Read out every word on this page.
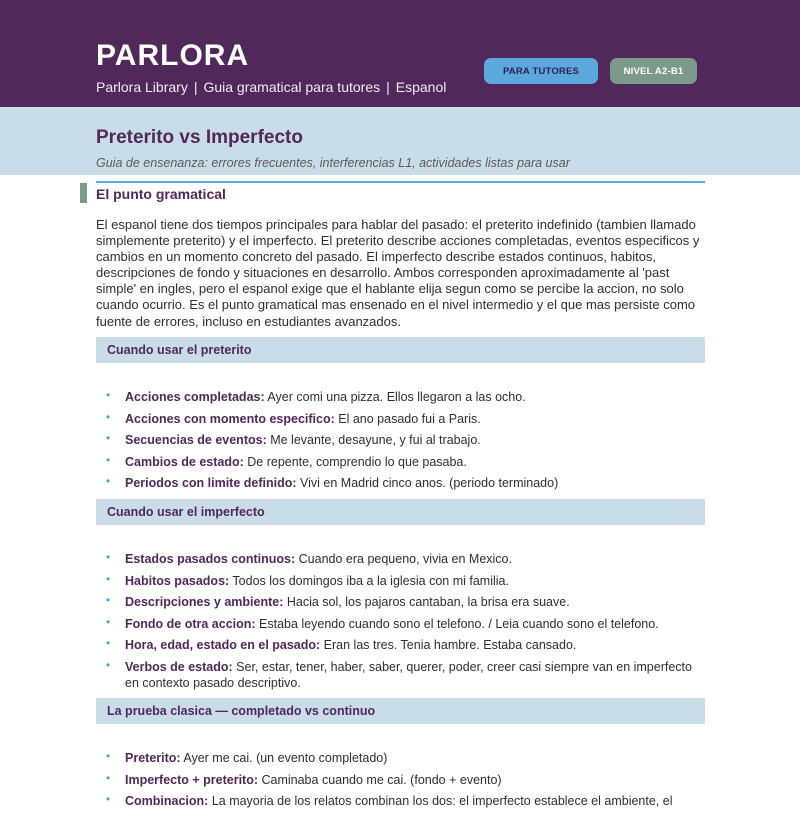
PARLORA
Parlora Library | Guia gramatical para tutores | Espanol
PARA TUTORES	NIVEL A2-B1
Preterito vs Imperfecto
Guia de ensenanza: errores frecuentes, interferencias L1, actividades listas para usar
El punto gramatical

El espanol tiene dos tiempos principales para hablar del pasado: el preterito indefinido (tambien llamado simplemente preterito) y el imperfecto. El preterito describe acciones completadas, eventos especificos y cambios en un momento concreto del pasado. El imperfecto describe estados continuos, habitos, descripciones de fondo y situaciones en desarrollo. Ambos corresponden aproximadamente al 'past simple' en ingles, pero el espanol exige que el hablante elija segun como se percibe la accion, no solo cuando ocurrio. Es el punto gramatical mas ensenado en el nivel intermedio y el que mas persiste como fuente de errores, incluso en estudiantes avanzados.

Cuando usar el preterito
• Acciones completadas: Ayer comi una pizza. Ellos llegaron a las ocho.
• Acciones con momento especifico: El ano pasado fui a Paris.
• Secuencias de eventos: Me levante, desayune, y fui al trabajo.
• Cambios de estado: De repente, comprendio lo que pasaba.
• Periodos con limite definido: Vivi en Madrid cinco anos. (periodo terminado)
Cuando usar el imperfecto
• Estados pasados continuos: Cuando era pequeno, vivia en Mexico.
• Habitos pasados: Todos los domingos iba a la iglesia con mi familia.
• Descripciones y ambiente: Hacia sol, los pajaros cantaban, la brisa era suave.
• Fondo de otra accion: Estaba leyendo cuando sono el telefono. / Leia cuando sono el telefono.
• Hora, edad, estado en el pasado: Eran las tres. Tenia hambre. Estaba cansado.
• Verbos de estado: Ser, estar, tener, haber, saber, querer, poder, creer casi siempre van en imperfecto en contexto pasado descriptivo.
La prueba clasica — completado vs continuo
• Preterito: Ayer me cai. (un evento completado)
• Imperfecto + preterito: Caminaba cuando me cai. (fondo + evento)
• Combinacion: La mayoria de los relatos combinan los dos: el imperfecto establece el ambiente, el
